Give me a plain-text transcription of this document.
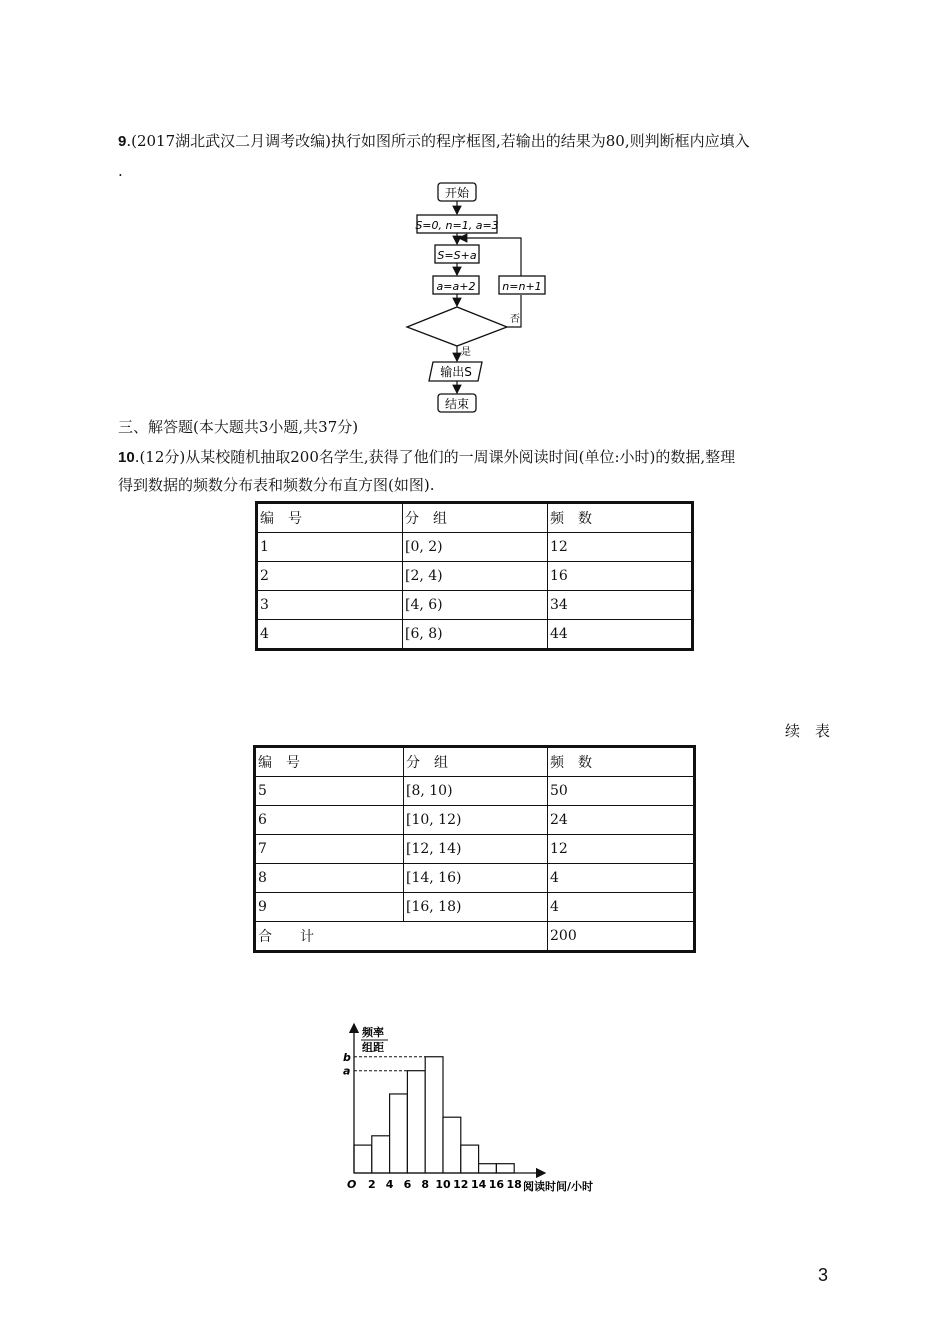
9.(2017湖北武汉二月调考改编)执行如图所示的程序框图,若输出的结果为80,则判断框内应填入
.
开始
S=0, n=1, a=3
S=S+a
a=a+2
否
n=n+1
是
输出S
结束
三、解答题(本大题共3小题,共37分)
10.(12分)从某校随机抽取200名学生,获得了他们的一周课外阅读时间(单位:小时)的数据,整理
得到数据的频数分布表和频数分布直方图(如图).
编　号	分　组	频　数
1	[0, 2)	12
2	[2, 4)	16
3	[4, 6)	34
4	[6, 8)	44
续　表
编　号	分　组	频　数
5	[8, 10)	50
6	[10, 12)	24
7	[12, 14)	12
8	[14, 16)	4
9	[16, 18)	4
合　　计		200
频率
组距
b
a
O 2 4 6 8 10 12 14 16 18 阅读时间/小时
3
